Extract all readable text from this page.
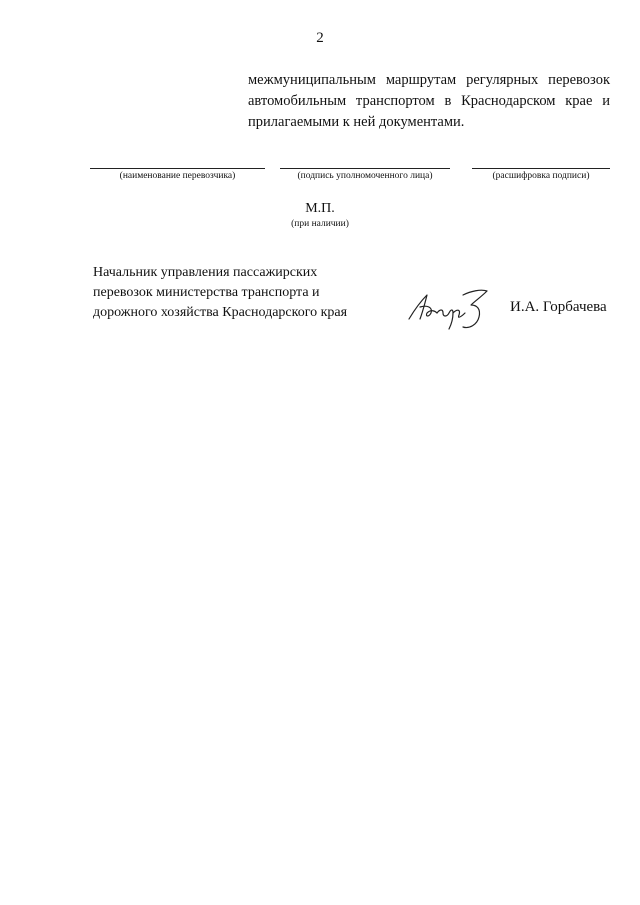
2
межмуниципальным маршрутам регулярных перевозок
автомобильным транспортом в Краснодарском крае и
прилагаемыми к ней документами.
(наименование перевозчика)	(подпись уполномоченного лица)	(расшифровка подписи)
М.П.
(при наличии)
Начальник управления пассажирских
перевозок министерства транспорта и
дорожного хозяйства Краснодарского края	И.А. Горбачева
